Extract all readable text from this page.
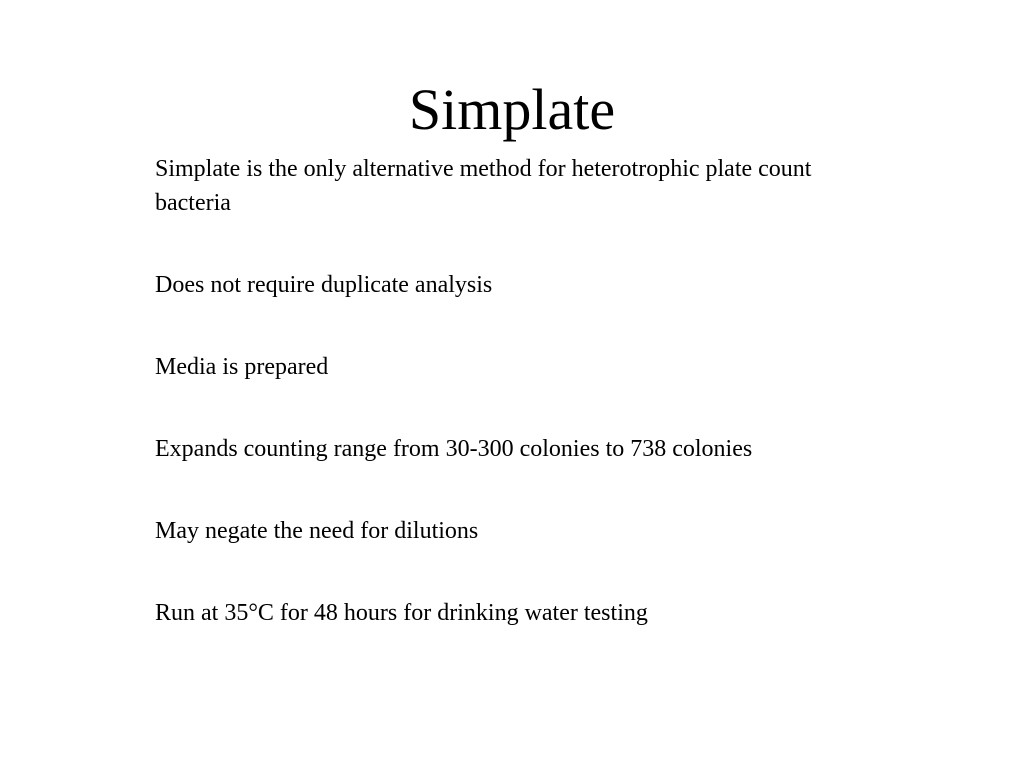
Simplate
Simplate is the only alternative method for heterotrophic plate count bacteria
Does not require duplicate analysis
Media is prepared
Expands counting range from 30-300 colonies to 738 colonies
May negate the need for dilutions
Run at 35°C for 48 hours for drinking water testing
